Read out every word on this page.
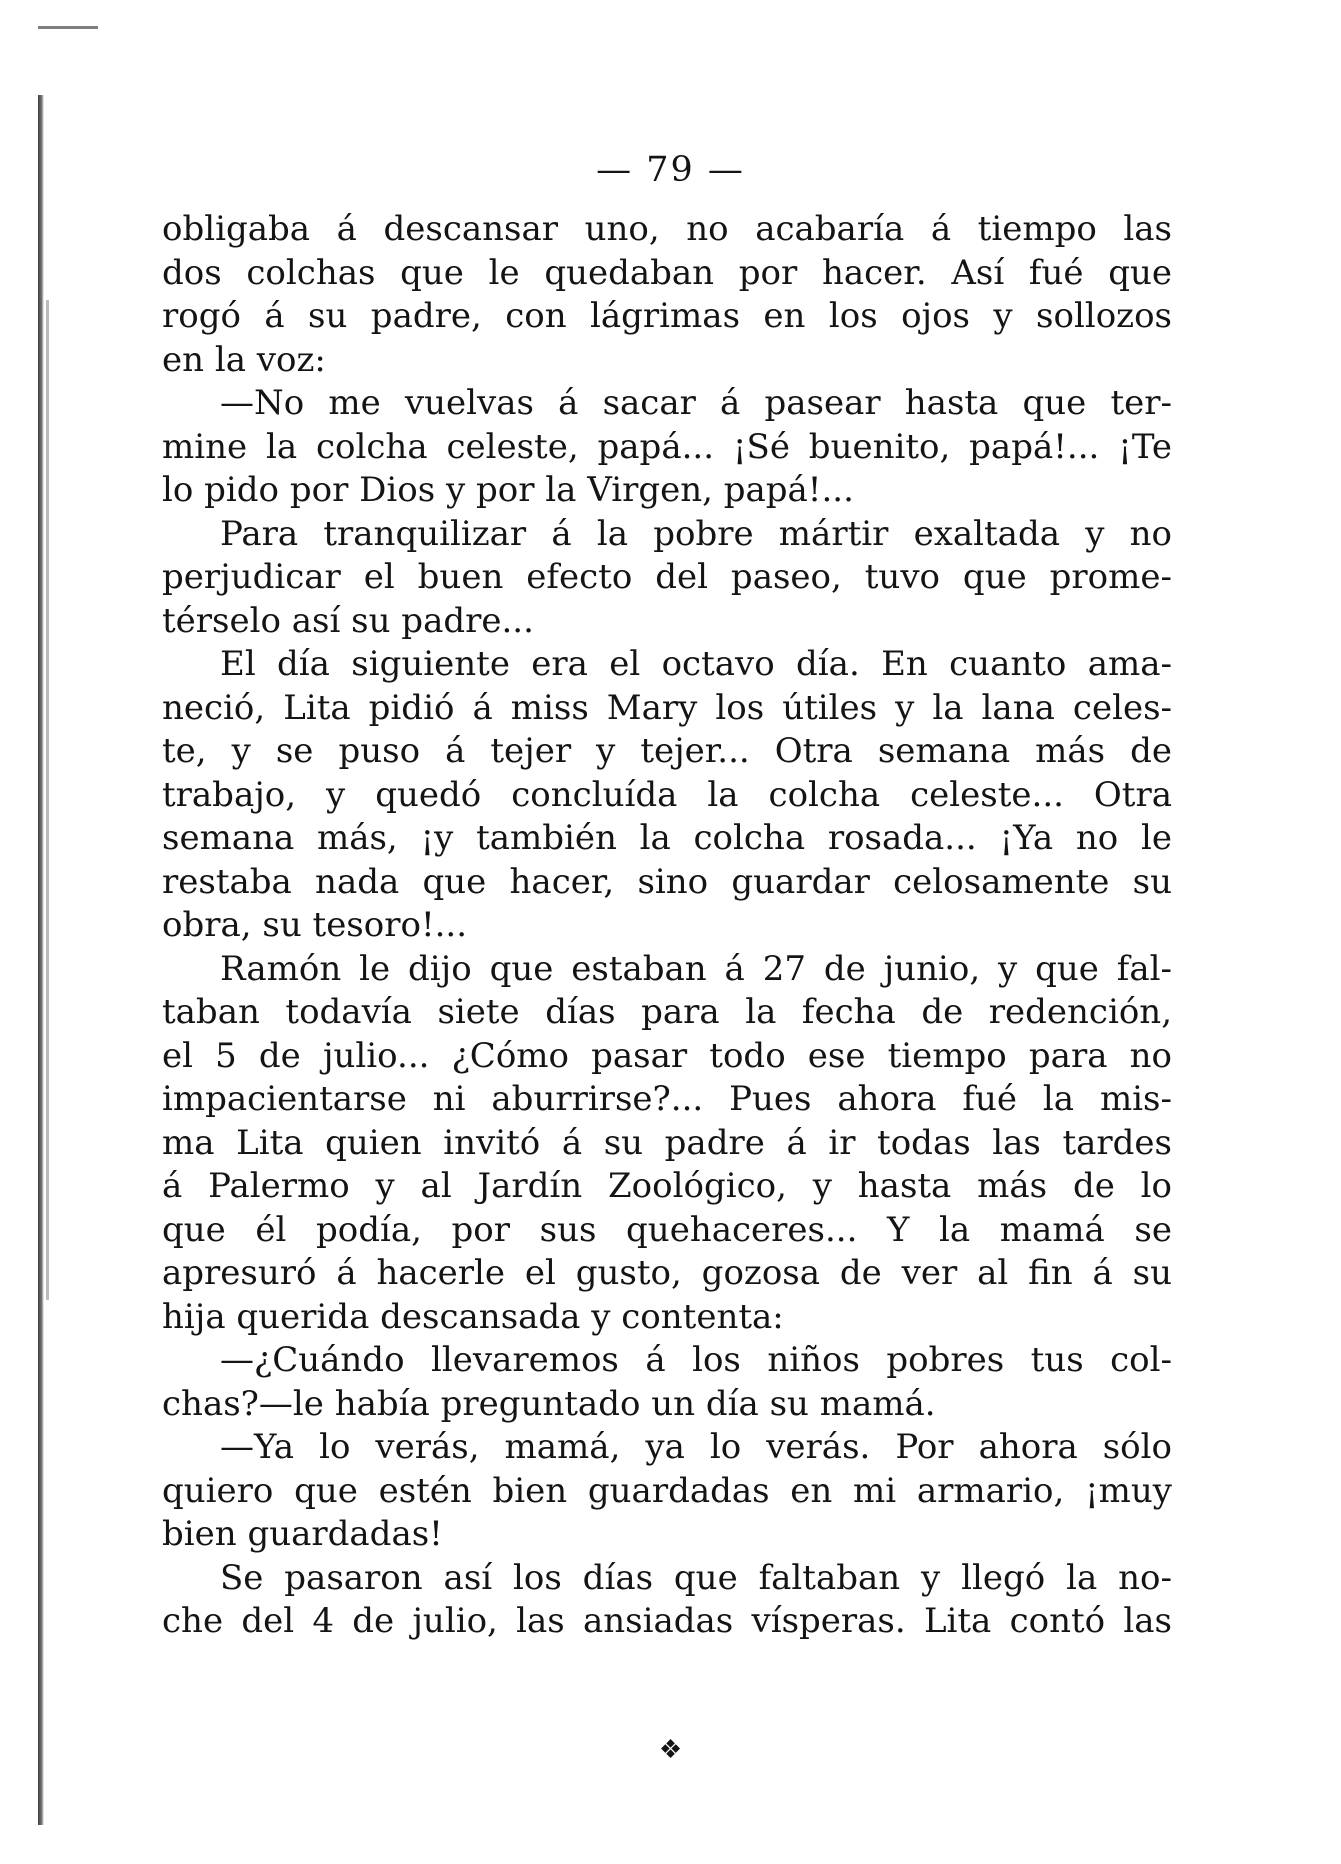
— 79 —
obligaba á descansar uno, no acabaría á tiempo las
dos colchas que le quedaban por hacer. Así fué que
rogó á su padre, con lágrimas en los ojos y sollozos
en la voz:
—No me vuelvas á sacar á pasear hasta que ter-
mine la colcha celeste, papá... ¡Sé buenito, papá!... ¡Te
lo pido por Dios y por la Virgen, papá!...
Para tranquilizar á la pobre mártir exaltada y no
perjudicar el buen efecto del paseo, tuvo que prome-
térselo así su padre...
El día siguiente era el octavo día. En cuanto ama-
neció, Lita pidió á miss Mary los útiles y la lana celes-
te, y se puso á tejer y tejer... Otra semana más de
trabajo, y quedó concluída la colcha celeste... Otra
semana más, ¡y también la colcha rosada... ¡Ya no le
restaba nada que hacer, sino guardar celosamente su
obra, su tesoro!...
Ramón le dijo que estaban á 27 de junio, y que fal-
taban todavía siete días para la fecha de redención,
el 5 de julio... ¿Cómo pasar todo ese tiempo para no
impacientarse ni aburrirse?... Pues ahora fué la mis-
ma Lita quien invitó á su padre á ir todas las tardes
á Palermo y al Jardín Zoológico, y hasta más de lo
que él podía, por sus quehaceres... Y la mamá se
apresuró á hacerle el gusto, gozosa de ver al fin á su
hija querida descansada y contenta:
—¿Cuándo llevaremos á los niños pobres tus col-
chas?—le había preguntado un día su mamá.
—Ya lo verás, mamá, ya lo verás. Por ahora sólo
quiero que estén bien guardadas en mi armario, ¡muy
bien guardadas!
Se pasaron así los días que faltaban y llegó la no-
che del 4 de julio, las ansiadas vísperas. Lita contó las
❖
